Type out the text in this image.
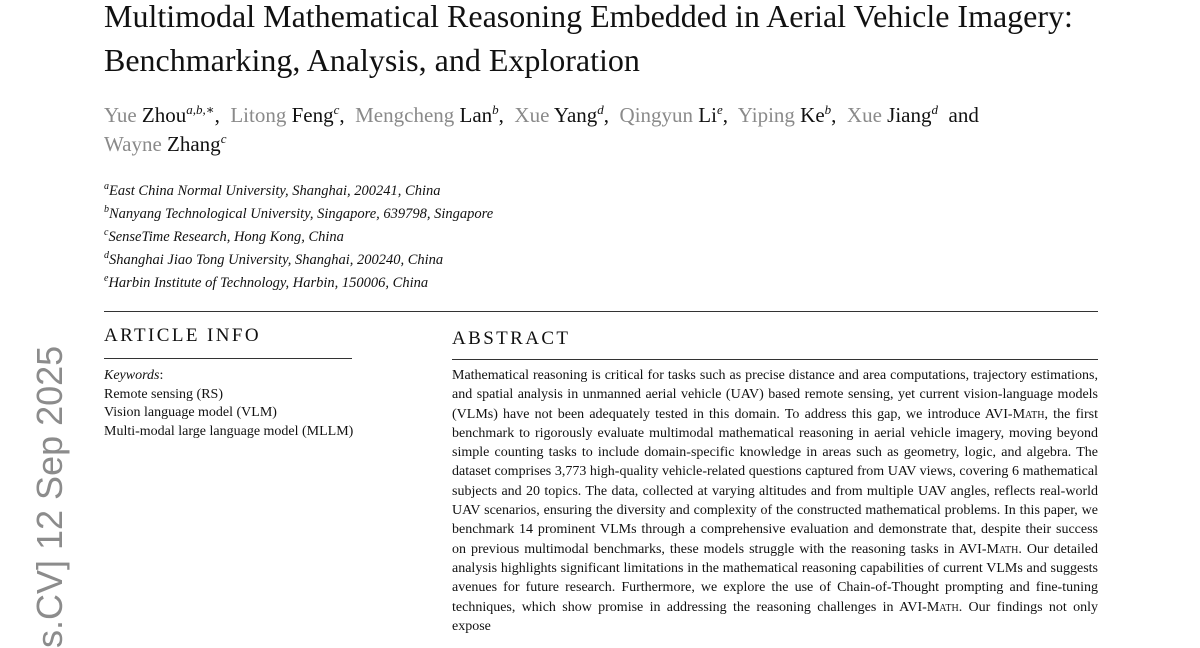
Multimodal Mathematical Reasoning Embedded in Aerial Vehicle Imagery: Benchmarking, Analysis, and Exploration
Yue Zhou$^{a,b,∗}$,  Litong Feng$^c$,  Mengcheng Lan$^b$,  Xue Yang$^d$,  Qingyun Li$^e$,  Yiping Ke$^b$,  Xue Jiang$^d$ and Wayne Zhang$^c$
$^a$East China Normal University, Shanghai, 200241, China
$^b$Nanyang Technological University, Singapore, 639798, Singapore
$^c$SenseTime Research, Hong Kong, China
$^d$Shanghai Jiao Tong University, Shanghai, 200240, China
$^e$Harbin Institute of Technology, Harbin, 150006, China
ARTICLE INFO
Keywords:
Remote sensing (RS)
Vision language model (VLM)
Multi-modal large language model (MLLM)
ABSTRACT

Mathematical reasoning is critical for tasks such as precise distance and area computations, trajectory estimations, and spatial analysis in unmanned aerial vehicle (UAV) based remote sensing, yet current vision-language models (VLMs) have not been adequately tested in this domain. To address this gap, we introduce AVI-Math, the first benchmark to rigorously evaluate multimodal mathematical reasoning in aerial vehicle imagery, moving beyond simple counting tasks to include domain-specific knowledge in areas such as geometry, logic, and algebra. The dataset comprises 3,773 high-quality vehicle-related questions captured from UAV views, covering 6 mathematical subjects and 20 topics. The data, collected at varying altitudes and from multiple UAV angles, reflects real-world UAV scenarios, ensuring the diversity and complexity of the constructed mathematical problems. In this paper, we benchmark 14 prominent VLMs through a comprehensive evaluation and demonstrate that, despite their success on previous multimodal benchmarks, these models struggle with the reasoning tasks in AVI-Math. Our detailed analysis highlights significant limitations in the mathematical reasoning capabilities of current VLMs and suggests avenues for future research. Furthermore, we explore the use of Chain-of-Thought prompting and fine-tuning techniques, which show promise in addressing the reasoning challenges in AVI-Math. Our findings not only expose

s.CV] 12 Sep 2025
